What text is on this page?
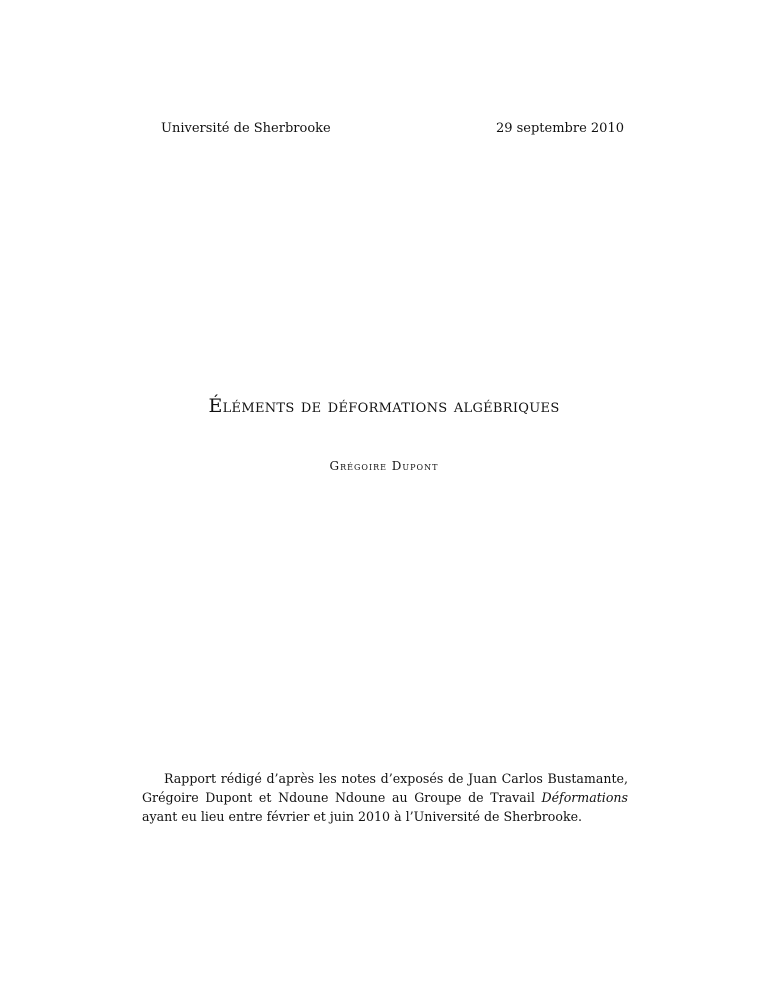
Université de Sherbrooke	29 septembre 2010
Éléments de déformations algébriques
Grégoire Dupont

Rapport rédigé d’après les notes d’exposés de Juan Carlos Bustamante, Grégoire Dupont et Ndoune Ndoune au Groupe de Travail Déformations ayant eu lieu entre février et juin 2010 à l’Université de Sherbrooke.
